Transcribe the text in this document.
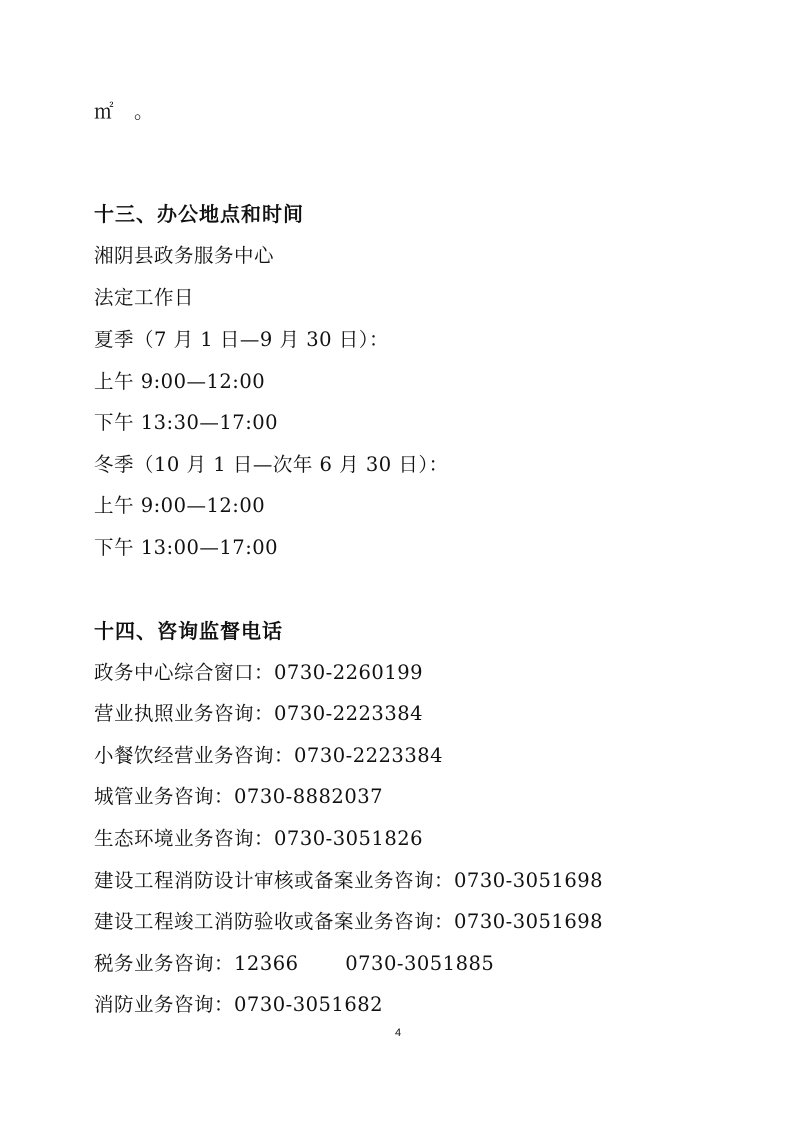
㎡　。
十三、办公地点和时间
湘阴县政务服务中心
法定工作日
夏季（7 月 1 日—9 月 30 日）：
上午 9:00—12:00
下午 13:30—17:00
冬季（10 月 1 日—次年 6 月 30 日）：
上午 9:00—12:00
下午 13:00—17:00
十四、咨询监督电话
政务中心综合窗口：0730-2260199
营业执照业务咨询：0730-2223384
小餐饮经营业务咨询：0730-2223384
城管业务咨询：0730-8882037
生态环境业务咨询：0730-3051826
建设工程消防设计审核或备案业务咨询：0730-3051698
建设工程竣工消防验收或备案业务咨询：0730-3051698
税务业务咨询：12366　　 0730-3051885
消防业务咨询：0730-3051682
4
